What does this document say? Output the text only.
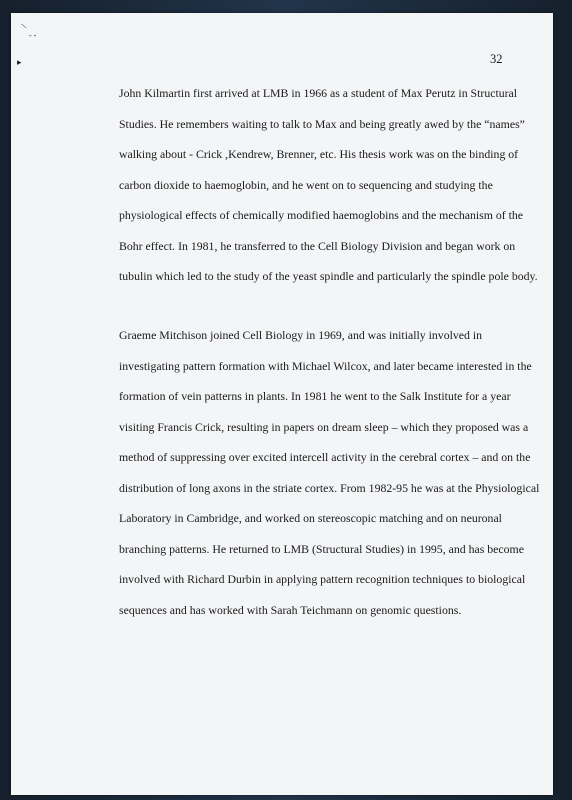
\
- -
▸	32
John Kilmartin first arrived at LMB in 1966 as a student of Max Perutz in Structural
Studies. He remembers waiting to talk to Max and being greatly awed by the “names”
walking about - Crick ,Kendrew, Brenner, etc. His thesis work was on the binding of
carbon dioxide to haemoglobin, and he went on to sequencing and studying the
physiological effects of chemically modified haemoglobins and the mechanism of the
Bohr effect. In 1981, he transferred to the Cell Biology Division and began work on
tubulin which led to the study of the yeast spindle and particularly the spindle pole body.
Graeme Mitchison joined Cell Biology in 1969, and was initially involved in
investigating pattern formation with Michael Wilcox, and later became interested in the
formation of vein patterns in plants. In 1981 he went to the Salk Institute for a year
visiting Francis Crick, resulting in papers on dream sleep – which they proposed was a
method of suppressing over excited intercell activity in the cerebral cortex – and on the
distribution of long axons in the striate cortex. From 1982-95 he was at the Physiological
Laboratory in Cambridge, and worked on stereoscopic matching and on neuronal
branching patterns. He returned to LMB (Structural Studies) in 1995, and has become
involved with Richard Durbin in applying pattern recognition techniques to biological
sequences and has worked with Sarah Teichmann on genomic questions.
